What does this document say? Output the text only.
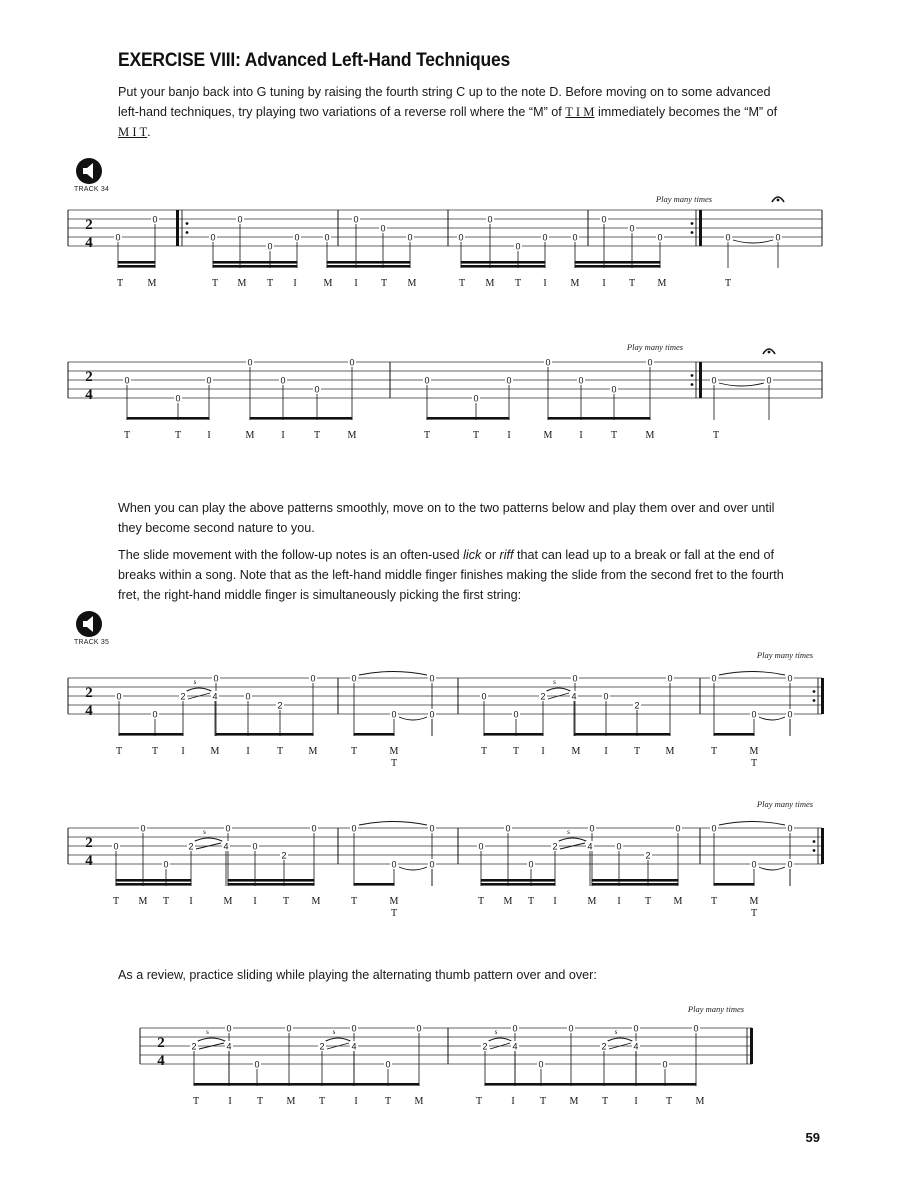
EXERCISE VIII: Advanced Left-Hand Techniques
Put your banjo back into G tuning by raising the fourth string C up to the note D. Before moving on to some advanced left-hand techniques, try playing two variations of a reverse roll where the “M” of T I M immediately becomes the “M” of M I T.
TRACK 34
When you can play the above patterns smoothly, move on to the two patterns below and play them over and over until they become second nature to you.
The slide movement with the follow-up notes is an often-used lick or riff that can lead up to a break or fall at the end of breaks within a song. Note that as the left-hand middle finger finishes making the slide from the second fret to the fourth fret, the right-hand middle finger is simultaneously picking the first string:
TRACK 35
As a review, practice sliding while playing the alternating thumb pattern over and over:
2
4	0
0
0
0
0
0	0
0
0
0	0
0
0
0	0
0
0
0	0	0
Play many times
T M	T M T I	M I T M	T M T I M I T M	T
2
4
0
0
0
0
0
0
0
0
0
0
0
0
0
0
0	0
Play many times
T	T	I	M	I	T	M	T	T	I	M	I	T	M	T
2
4
s	s
0
0
2	4
0
0
2
0	0	0
0	0
0
0
2	4
0
0
2
0	0	0
0	0
Play many times
T	T I	M	I	T	M	T	M
T
T	T I	M I	T	M	T	M
T
2
4
s	s
0
0
0
2	4
0
0
2
0	0	0
0	0
0
0
0
2	4
0
0
2
0	0	0
0	0
Play many times
T M T I	M I	T M	T	M
T
T M T I	M I T M	T	M
T
2
4
s	s	s	s
2	4
0
0
0
2	4
0
0
0
2	4
0
0
0
2	4
0
0
0
Play many times
T	I	T M T	I	T M	T	I	T M T	I	T M
59
